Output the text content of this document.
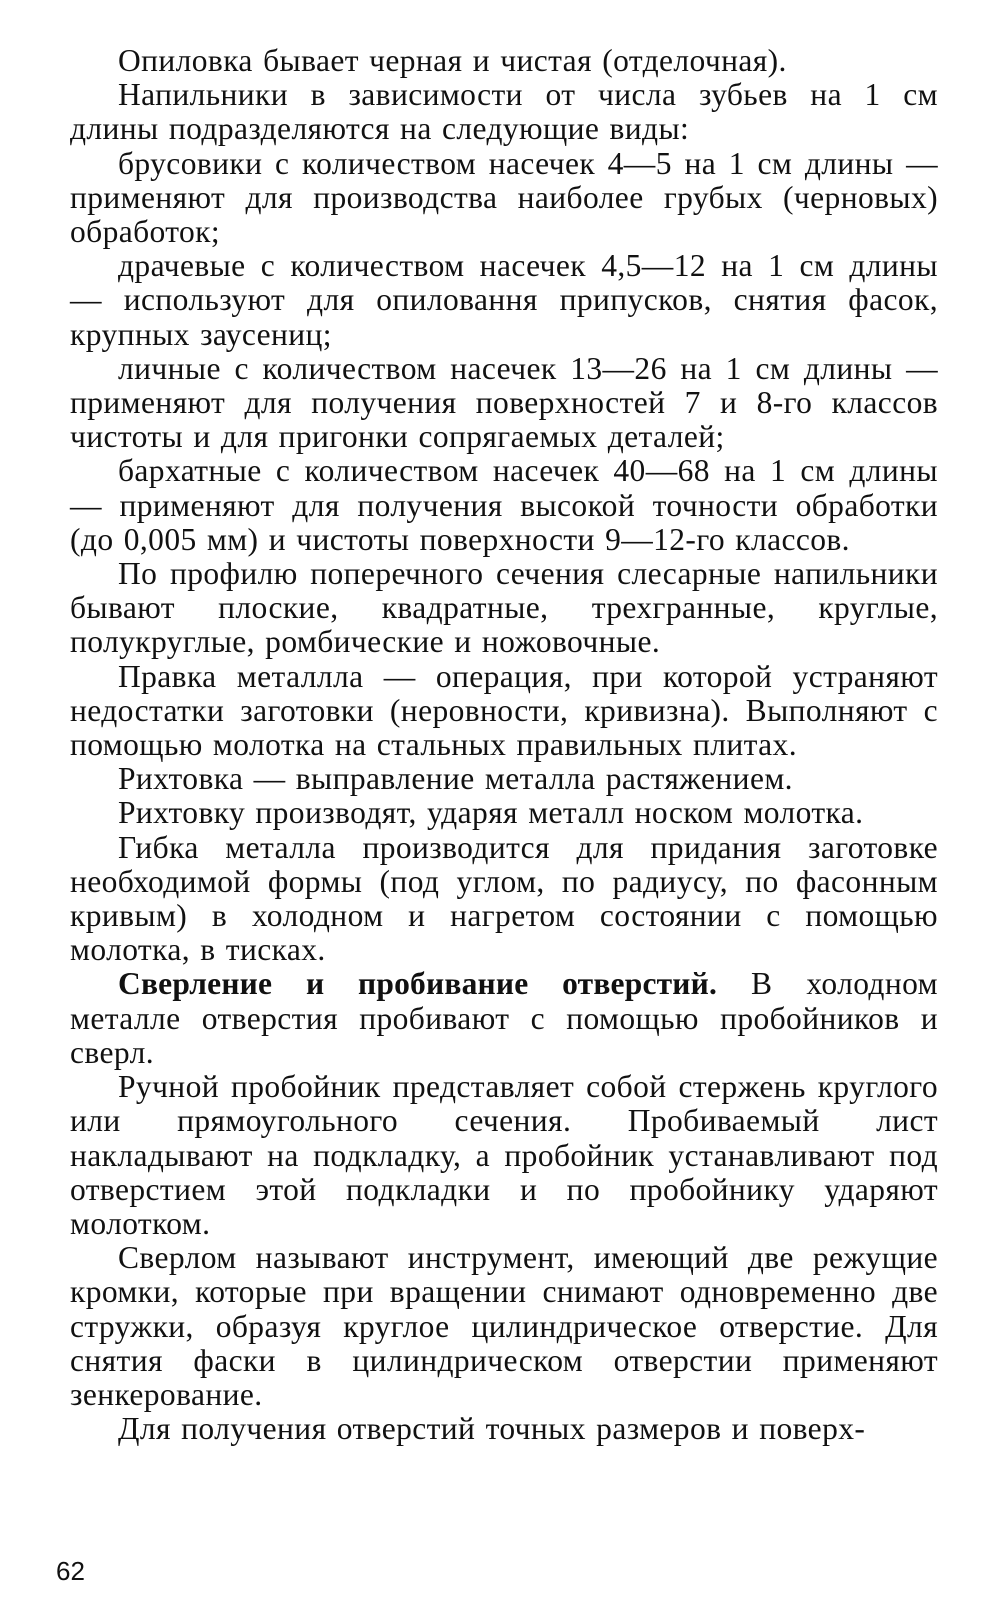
Опиловка бывает черная и чистая (отделочная).

Напильники в зависимости от числа зубьев на 1 см длины подразделяются на следующие виды:

брусовики с количеством насечек 4—5 на 1 см длины — применяют для производства наиболее грубых (черновых) обработок;

драчевые с количеством насечек 4,5—12 на 1 см длины — используют для опиловання припусков, снятия фасок, крупных заусениц;

личные с количеством насечек 13—26 на 1 см длины — применяют для получения поверхностей 7 и 8-го классов чистоты и для пригонки сопрягаемых деталей;

бархатные с количеством насечек 40—68 на 1 см длины — применяют для получения высокой точности обработки (до 0,005 мм) и чистоты поверхности 9—12-го классов.

По профилю поперечного сечения слесарные напильники бывают плоские, квадратные, трехгранные, круглые, полукруглые, ромбические и ножовочные.

Правка металлла — операция, при которой устраняют недостатки заготовки (неровности, кривизна). Выполняют с помощью молотка на стальных правильных плитах.

Рихтовка — выправление металла растяжением.

Рихтовку производят, ударяя металл носком молотка.

Гибка металла производится для придания заготовке необходимой формы (под углом, по радиусу, по фасонным кривым) в холодном и нагретом состоянии с помощью молотка, в тисках.

Сверление и пробивание отверстий. В холодном металле отверстия пробивают с помощью пробойников и сверл.

Ручной пробойник представляет собой стержень круглого или прямоугольного сечения. Пробиваемый лист накладывают на подкладку, а пробойник устанавливают под отверстием этой подкладки и по пробойнику ударяют молотком.

Сверлом называют инструмент, имеющий две режущие кромки, которые при вращении снимают одновременно две стружки, образуя круглое цилиндрическое отверстие. Для снятия фаски в цилиндрическом отверстии применяют зенкерование.

Для получения отверстий точных размеров и поверх-

62
